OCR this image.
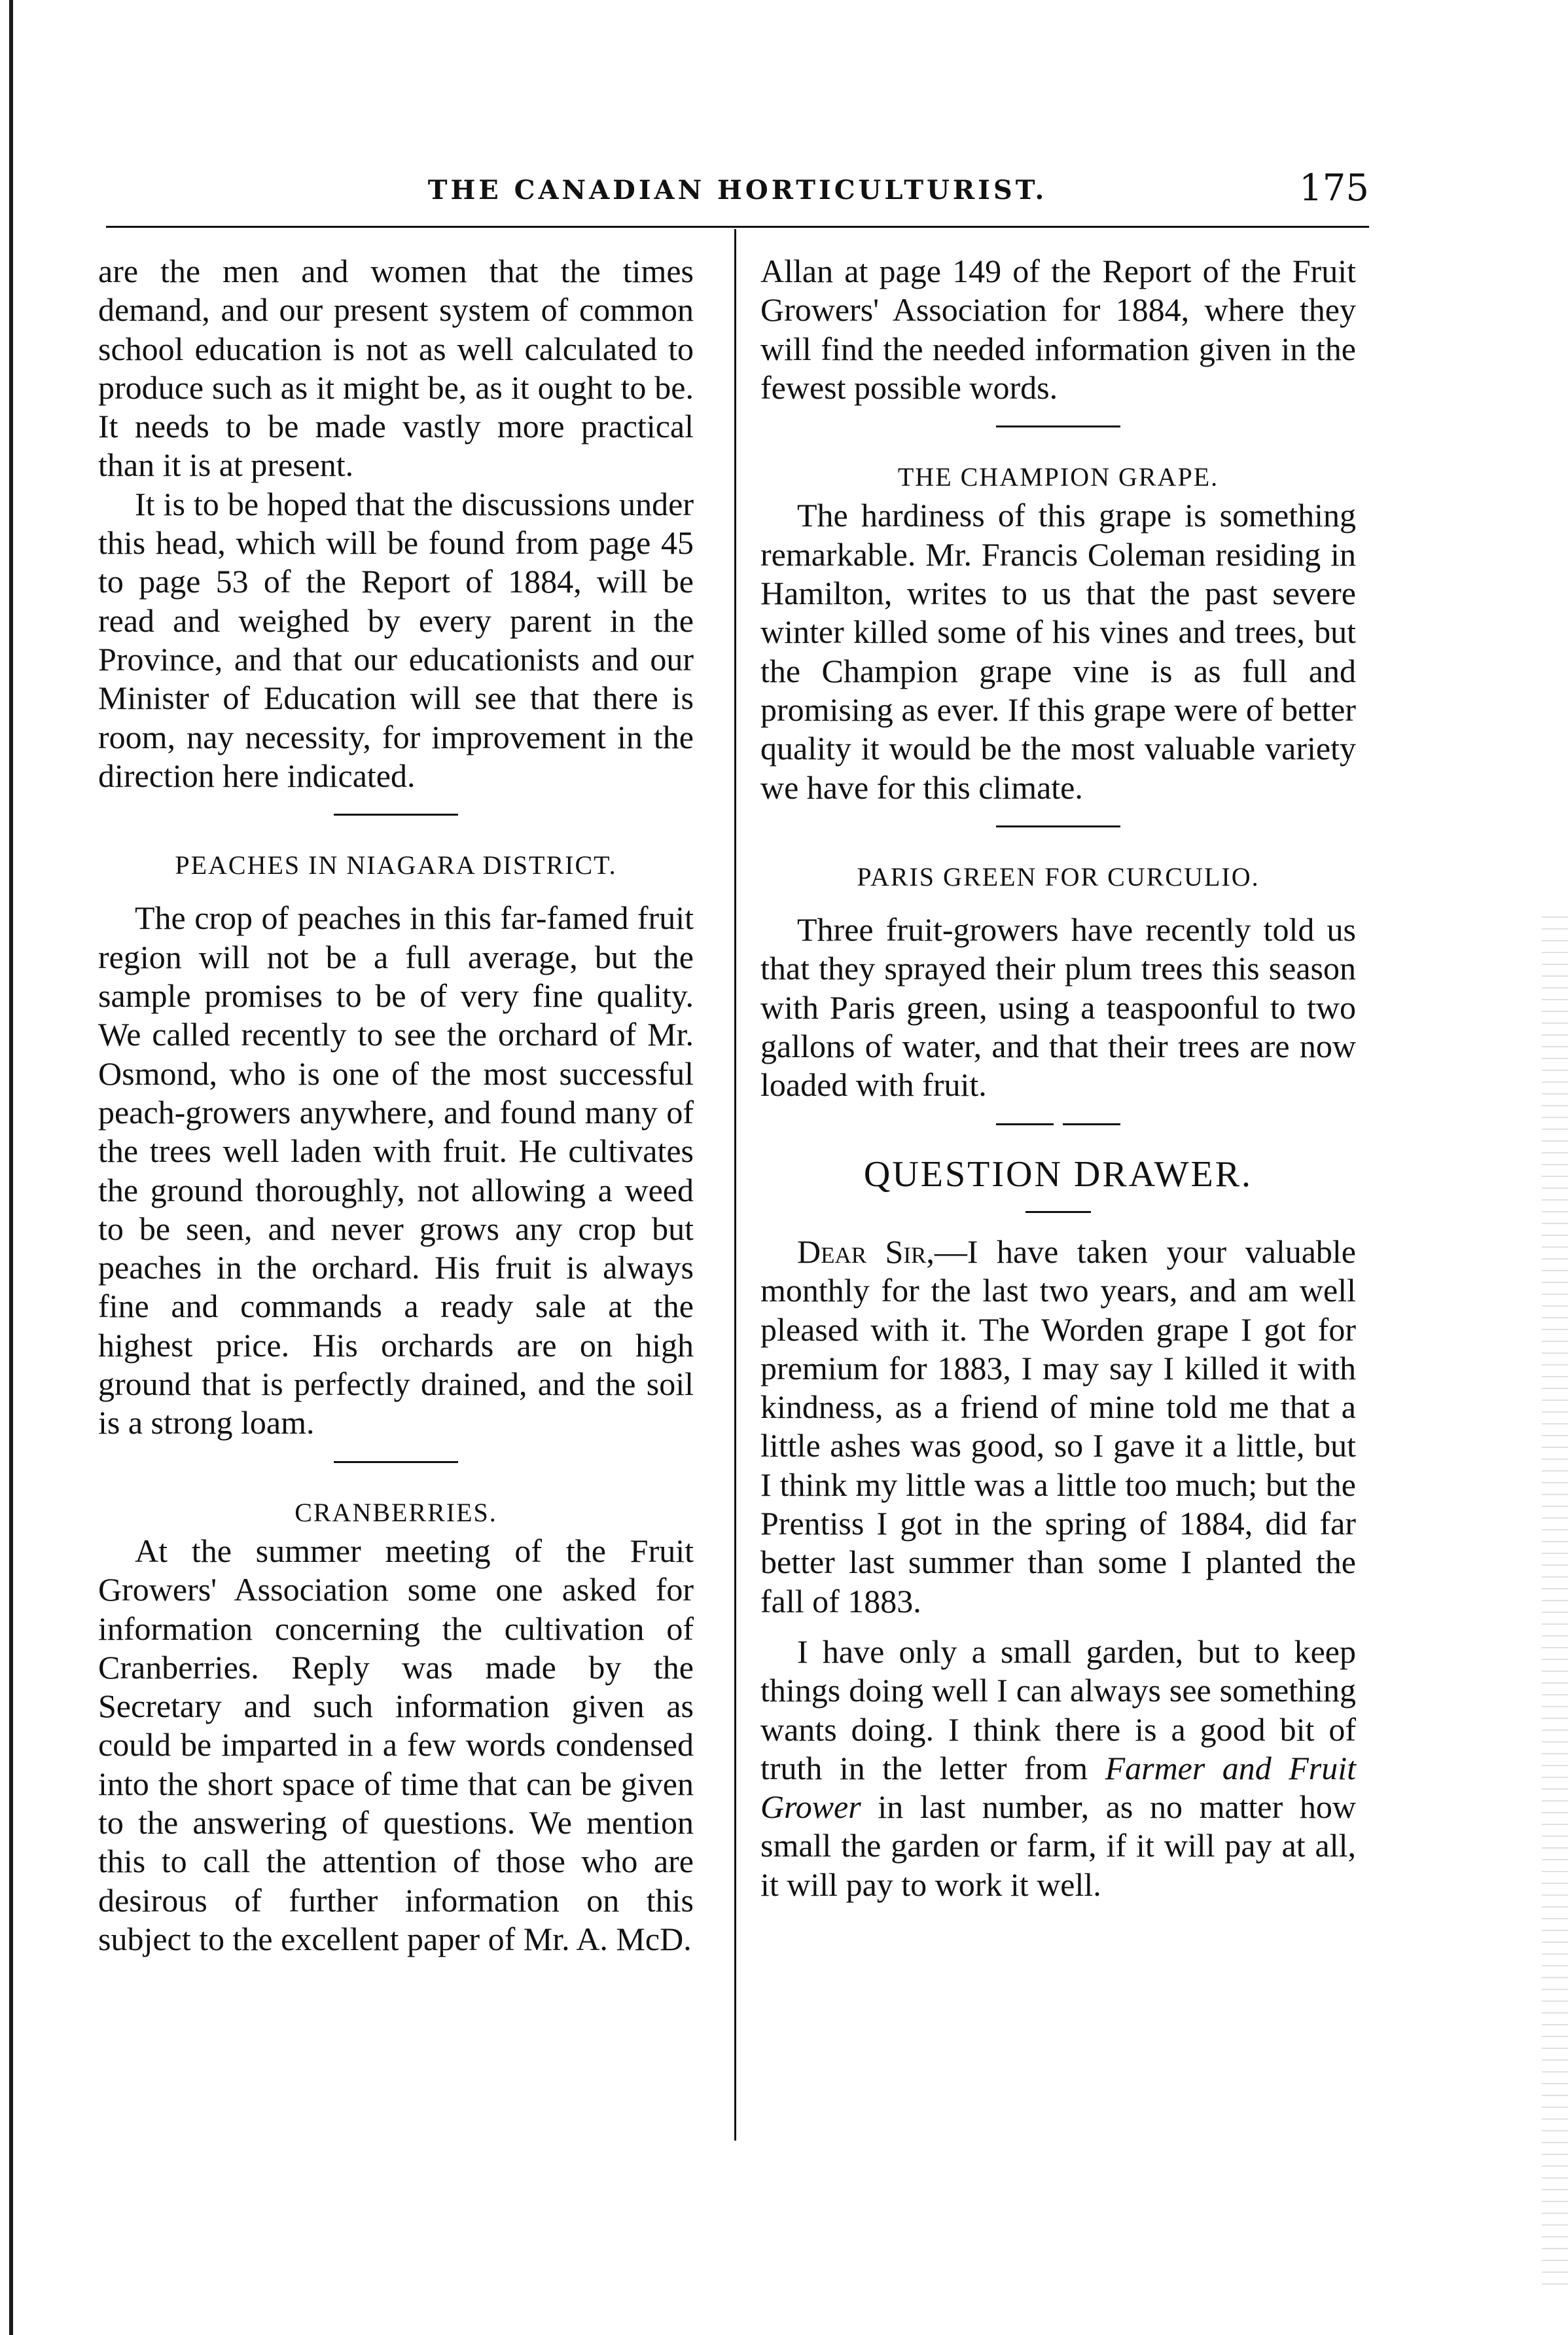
THE CANADIAN HORTICULTURIST.	175

are the men and women that the times demand, and our present system of common school education is not as well calculated to produce such as it might be, as it ought to be. It needs to be made vastly more practical than it is at present.

It is to be hoped that the discussions under this head, which will be found from page 45 to page 53 of the Report of 1884, will be read and weighed by every parent in the Province, and that our educationists and our Minister of Education will see that there is room, nay necessity, for improvement in the direction here indicated.

PEACHES IN NIAGARA DISTRICT.

The crop of peaches in this far-famed fruit region will not be a full average, but the sample promises to be of very fine quality. We called recently to see the orchard of Mr. Osmond, who is one of the most successful peach-growers anywhere, and found many of the trees well laden with fruit. He cultivates the ground thoroughly, not allowing a weed to be seen, and never grows any crop but peaches in the orchard. His fruit is always fine and commands a ready sale at the highest price. His orchards are on high ground that is perfectly drained, and the soil is a strong loam.

CRANBERRIES.

At the summer meeting of the Fruit Growers' Association some one asked for information concerning the cultivation of Cranberries. Reply was made by the Secretary and such information given as could be imparted in a few words condensed into the short space of time that can be given to the answering of questions. We mention this to call the attention of those who are desirous of further information on this subject to the excellent paper of Mr. A. McD.

Allan at page 149 of the Report of the Fruit Growers' Association for 1884, where they will find the needed information given in the fewest possible words.

THE CHAMPION GRAPE.

The hardiness of this grape is something remarkable. Mr. Francis Coleman residing in Hamilton, writes to us that the past severe winter killed some of his vines and trees, but the Champion grape vine is as full and promising as ever. If this grape were of better quality it would be the most valuable variety we have for this climate.

PARIS GREEN FOR CURCULIO.

Three fruit-growers have recently told us that they sprayed their plum trees this season with Paris green, using a teaspoonful to two gallons of water, and that their trees are now loaded with fruit.

QUESTION DRAWER.

Dear Sir,—I have taken your valuable monthly for the last two years, and am well pleased with it. The Worden grape I got for premium for 1883, I may say I killed it with kindness, as a friend of mine told me that a little ashes was good, so I gave it a little, but I think my little was a little too much; but the Prentiss I got in the spring of 1884, did far better last summer than some I planted the fall of 1883.

I have only a small garden, but to keep things doing well I can always see something wants doing. I think there is a good bit of truth in the letter from Farmer and Fruit Grower in last number, as no matter how small the garden or farm, if it will pay at all, it will pay to work it well.
